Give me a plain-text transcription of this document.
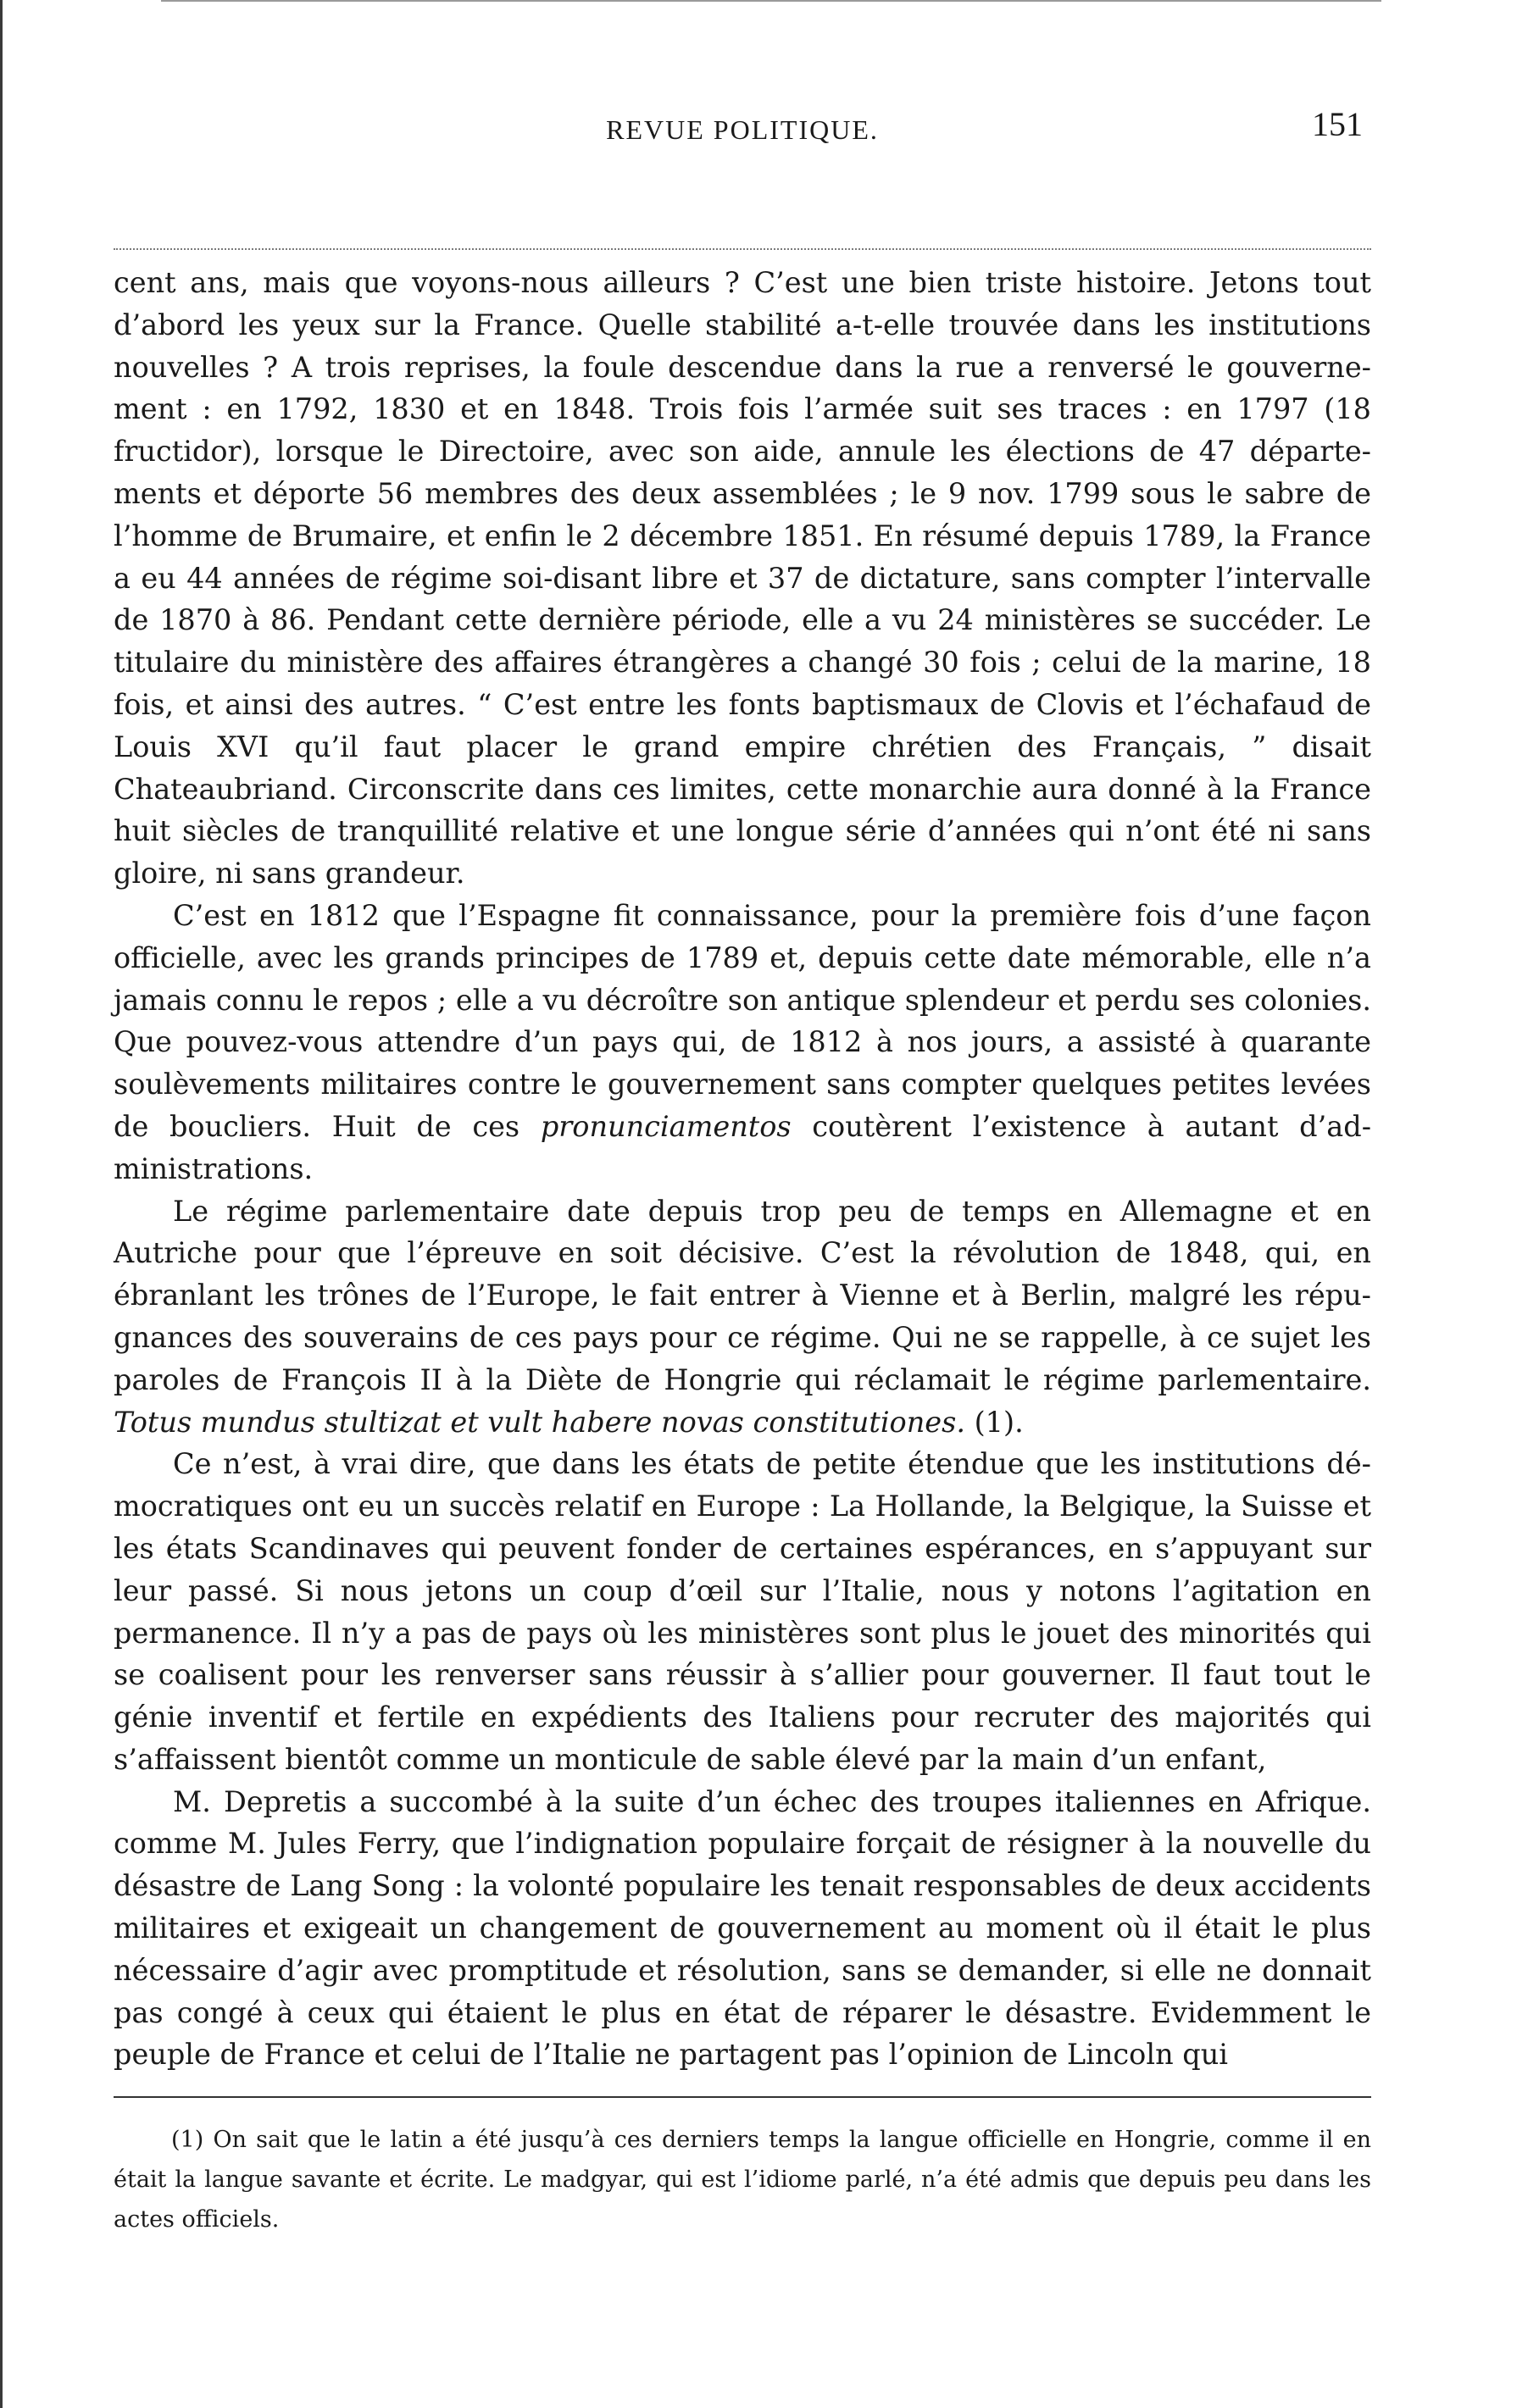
REVUE POLITIQUE.	151

cent ans, mais que voyons-nous ailleurs ? C’est une bien triste histoire. Jetons tout d’abord les yeux sur la France. Quelle stabilité a-t-elle trouvée dans les institutions nouvelles ? A trois reprises, la foule descendue dans la rue a renversé le gouvernement : en 1792, 1830 et en 1848. Trois fois l’armée suit ses traces : en 1797 (18 fructidor), lorsque le Directoire, avec son aide, annule les élections de 47 départements et déporte 56 membres des deux assemblées ; le 9 nov. 1799 sous le sabre de l’homme de Brumaire, et enfin le 2 décembre 1851. En résumé depuis 1789, la France a eu 44 années de régime soi-disant libre et 37 de dictature, sans compter l’intervalle de 1870 à 86. Pendant cette dernière période, elle a vu 24 ministères se succéder. Le titulaire du ministère des affaires étrangères a changé 30 fois ; celui de la marine, 18 fois, et ainsi des autres. “ C’est entre les fonts baptismaux de Clovis et l’échafaud de Louis XVI qu’il faut placer le grand empire chrétien des Français, ” disait Chateaubriand. Circonscrite dans ces limites, cette monarchie aura donné à la France huit siècles de tranquillité relative et une longue série d’années qui n’ont été ni sans gloire, ni sans grandeur.

C’est en 1812 que l’Espagne fit connaissance, pour la première fois d’une façon officielle, avec les grands principes de 1789 et, depuis cette date mémorable, elle n’a jamais connu le repos ; elle a vu décroître son antique splendeur et perdu ses colonies. Que pouvez-vous attendre d’un pays qui, de 1812 à nos jours, a assisté à quarante soulèvements militaires contre le gouvernement sans compter quelques petites levées de boucliers. Huit de ces pronunciamentos coutèrent l’existence à autant d’administrations.

Le régime parlementaire date depuis trop peu de temps en Allemagne et en Autriche pour que l’épreuve en soit décisive. C’est la révolution de 1848, qui, en ébranlant les trônes de l’Europe, le fait entrer à Vienne et à Berlin, malgré les répugnances des souverains de ces pays pour ce régime. Qui ne se rappelle, à ce sujet les paroles de François II à la Diète de Hongrie qui réclamait le régime parlementaire. Totus mundus stultizat et vult habere novas constitutiones. (1).

Ce n’est, à vrai dire, que dans les états de petite étendue que les institutions démocratiques ont eu un succès relatif en Europe : La Hollande, la Belgique, la Suisse et les états Scandinaves qui peuvent fonder de certaines espérances, en s’appuyant sur leur passé. Si nous jetons un coup d’œil sur l’Italie, nous y notons l’agitation en permanence. Il n’y a pas de pays où les ministères sont plus le jouet des minorités qui se coalisent pour les renverser sans réussir à s’allier pour gouverner. Il faut tout le génie inventif et fertile en expédients des Italiens pour recruter des majorités qui s’affaissent bientôt comme un monticule de sable élevé par la main d’un enfant,

M. Depretis a succombé à la suite d’un échec des troupes italiennes en Afrique. comme M. Jules Ferry, que l’indignation populaire forçait de résigner à la nouvelle du désastre de Lang Song : la volonté populaire les tenait responsables de deux accidents militaires et exigeait un changement de gouvernement au moment où il était le plus nécessaire d’agir avec promptitude et résolution, sans se demander, si elle ne donnait pas congé à ceux qui étaient le plus en état de réparer le désastre. Evidemment le peuple de France et celui de l’Italie ne partagent pas l’opinion de Lincoln qui

(1) On sait que le latin a été jusqu’à ces derniers temps la langue officielle en Hongrie, comme il en était la langue savante et écrite. Le madgyar, qui est l’idiome parlé, n’a été admis que depuis peu dans les actes officiels.
